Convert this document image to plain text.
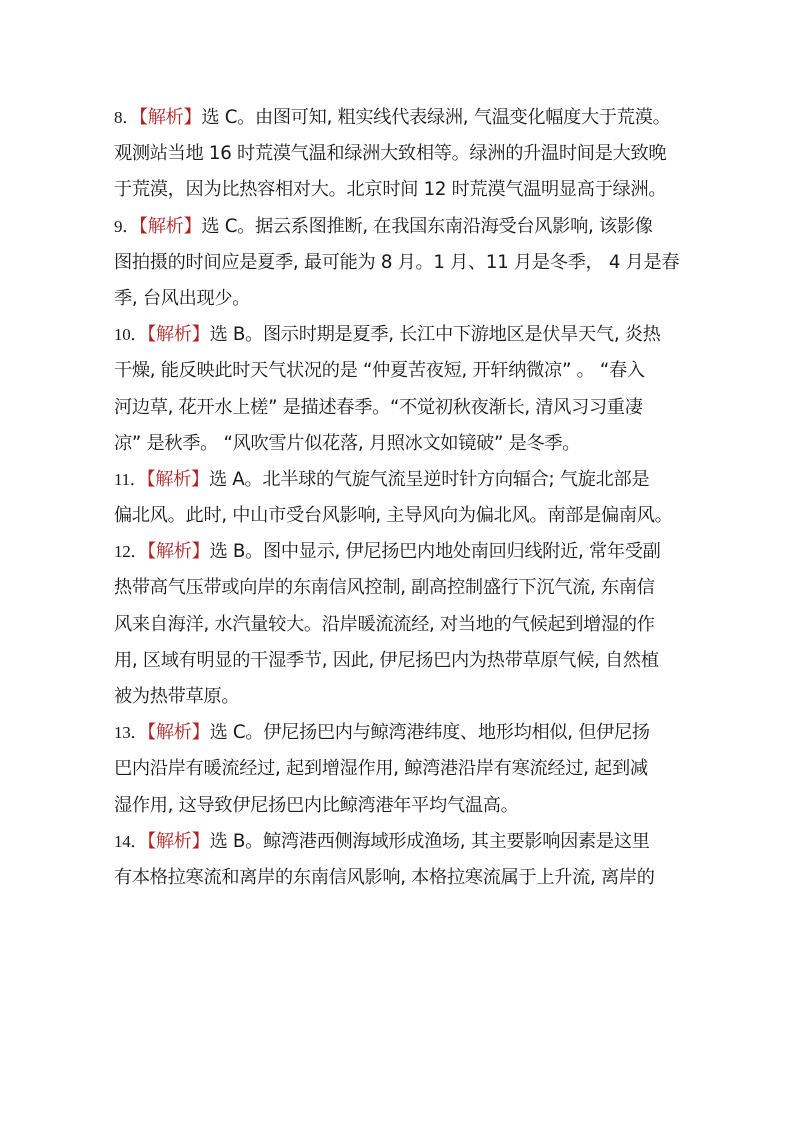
8．【解析】选 C。由图可知, 粗实线代表绿洲, 气温变化幅度大于荒漠。
观测站当地 16 时荒漠气温和绿洲大致相等。绿洲的升温时间是大致晚
于荒漠，因为比热容相对大。北京时间 12 时荒漠气温明显高于绿洲。
9．【解析】选 C。据云系图推断, 在我国东南沿海受台风影响, 该影像
图拍摄的时间应是夏季, 最可能为 8 月。1 月、11 月是冬季， 4 月是春
季, 台风出现少。
10．【解析】选 B。图示时期是夏季, 长江中下游地区是伏旱天气, 炎热
干燥, 能反映此时天气状况的是 “仲夏苦夜短, 开轩纳微凉” 。 “春入
河边草, 花开水上槎” 是描述春季。“不觉初秋夜渐长, 清风习习重凄
凉” 是秋季。 “风吹雪片似花落, 月照冰文如镜破” 是冬季。
11．【解析】选 A。北半球的气旋气流呈逆时针方向辐合; 气旋北部是
偏北风。此时, 中山市受台风影响, 主导风向为偏北风。南部是偏南风。
12．【解析】选 B。图中显示, 伊尼扬巴内地处南回归线附近, 常年受副
热带高气压带或向岸的东南信风控制, 副高控制盛行下沉气流, 东南信
风来自海洋, 水汽量较大。沿岸暖流流经, 对当地的气候起到增湿的作
用, 区域有明显的干湿季节, 因此, 伊尼扬巴内为热带草原气候, 自然植
被为热带草原。
13．【解析】选 C。伊尼扬巴内与鲸湾港纬度、地形均相似, 但伊尼扬
巴内沿岸有暖流经过, 起到增湿作用, 鲸湾港沿岸有寒流经过, 起到减
湿作用, 这导致伊尼扬巴内比鲸湾港年平均气温高。
14．【解析】选 B。鲸湾港西侧海域形成渔场, 其主要影响因素是这里
有本格拉寒流和离岸的东南信风影响, 本格拉寒流属于上升流, 离岸的
